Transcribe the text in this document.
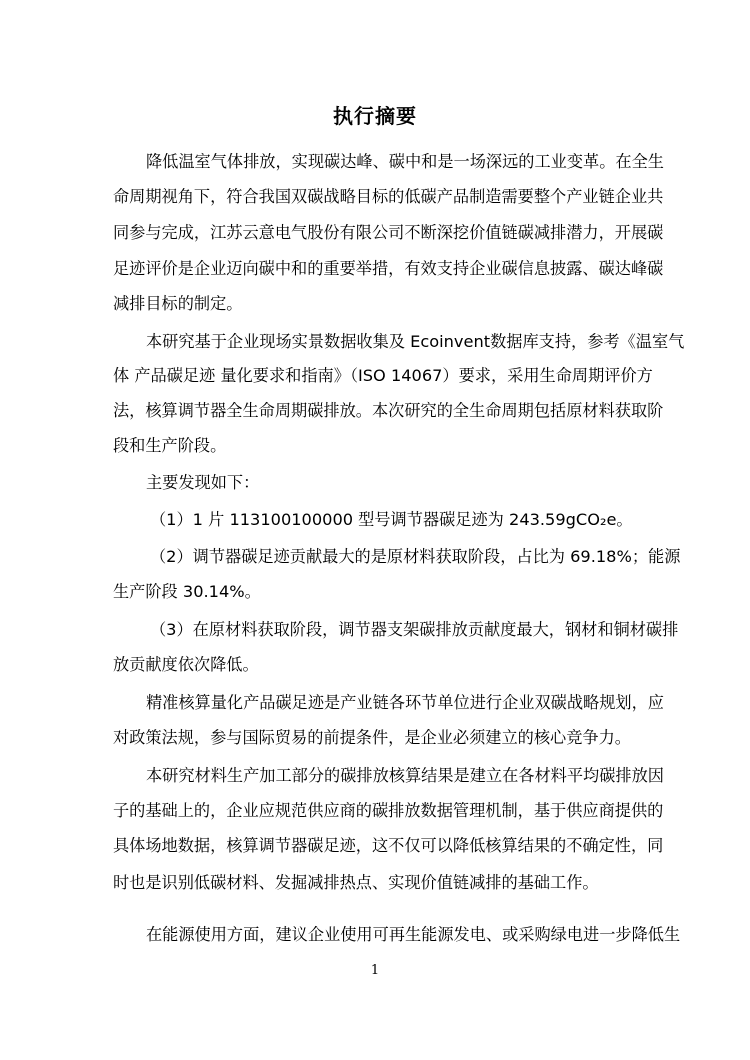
执行摘要
降低温室气体排放，实现碳达峰、碳中和是一场深远的工业变革。在全生
命周期视角下，符合我国双碳战略目标的低碳产品制造需要整个产业链企业共
同参与完成，江苏云意电气股份有限公司不断深挖价值链碳减排潜力，开展碳
足迹评价是企业迈向碳中和的重要举措，有效支持企业碳信息披露、碳达峰碳
减排目标的制定。
本研究基于企业现场实景数据收集及 Ecoinvent数据库支持，参考《温室气
体 产品碳足迹 量化要求和指南》（ISO 14067）要求，采用生命周期评价方
法，核算调节器全生命周期碳排放。本次研究的全生命周期包括原材料获取阶
段和生产阶段。
主要发现如下：
（1）1 片 113100100000 型号调节器碳足迹为 243.59gCO₂e。
（2）调节器碳足迹贡献最大的是原材料获取阶段，占比为 69.18%；能源
生产阶段 30.14%。
（3）在原材料获取阶段，调节器支架碳排放贡献度最大，钢材和铜材碳排
放贡献度依次降低。
精准核算量化产品碳足迹是产业链各环节单位进行企业双碳战略规划，应
对政策法规，参与国际贸易的前提条件，是企业必须建立的核心竞争力。
本研究材料生产加工部分的碳排放核算结果是建立在各材料平均碳排放因
子的基础上的，企业应规范供应商的碳排放数据管理机制，基于供应商提供的
具体场地数据，核算调节器碳足迹，这不仅可以降低核算结果的不确定性，同
时也是识别低碳材料、发掘减排热点、实现价值链减排的基础工作。
在能源使用方面，建议企业使用可再生能源发电、或采购绿电进一步降低生
1
